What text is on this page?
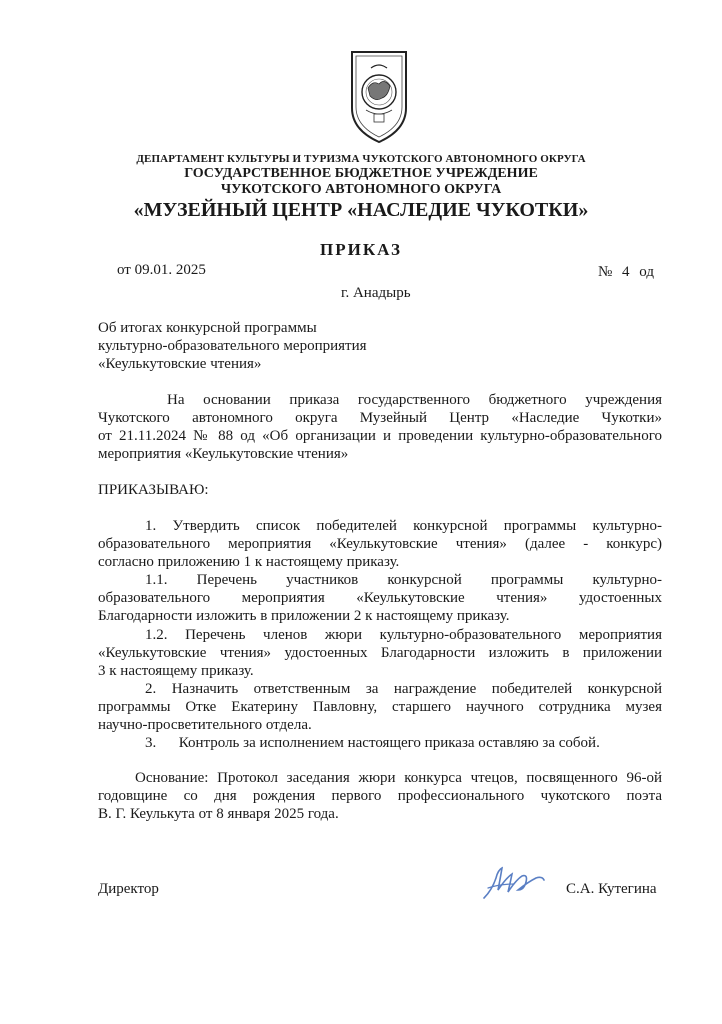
ДЕПАРТАМЕНТ КУЛЬТУРЫ И ТУРИЗМА ЧУКОТСКОГО АВТОНОМНОГО ОКРУГА
ГОСУДАРСТВЕННОЕ БЮДЖЕТНОЕ УЧРЕЖДЕНИЕ
ЧУКОТСКОГО АВТОНОМНОГО ОКРУГА
«МУЗЕЙНЫЙ ЦЕНТР «НАСЛЕДИЕ ЧУКОТКИ»
ПРИКАЗ
от 09.01. 2025	№ 4 од
г. Анадырь
Об итогах конкурсной программы
культурно-образовательного мероприятия
«Кеулькутовские чтения»
На основании приказа государственного бюджетного учреждения
Чукотского автономного округа Музейный Центр «Наследие Чукотки»
от 21.11.2024 № 88 од «Об организации и проведении культурно-образовательного
мероприятия «Кеулькутовские чтения»
ПРИКАЗЫВАЮ:
1. Утвердить список победителей конкурсной программы культурно-
образовательного мероприятия «Кеулькутовские чтения» (далее - конкурс)
согласно приложению 1 к настоящему приказу.
1.1. Перечень участников конкурсной программы культурно-
образовательного мероприятия «Кеулькутовские чтения» удостоенных
Благодарности изложить в приложении 2 к настоящему приказу.
1.2. Перечень членов жюри культурно-образовательного мероприятия
«Кеулькутовские чтения» удостоенных Благодарности изложить в приложении
3 к настоящему приказу.
2. Назначить ответственным за награждение победителей конкурсной
программы Отке Екатерину Павловну, старшего научного сотрудника музея
научно-просветительного отдела.
3.      Контроль за исполнением настоящего приказа оставляю за собой.
Основание: Протокол заседания жюри конкурса чтецов, посвященного 96-ой
годовщине со дня рождения первого профессионального чукотского поэта
В. Г. Кеулькута от 8 января 2025 года.
Директор	С.А. Кутегина
